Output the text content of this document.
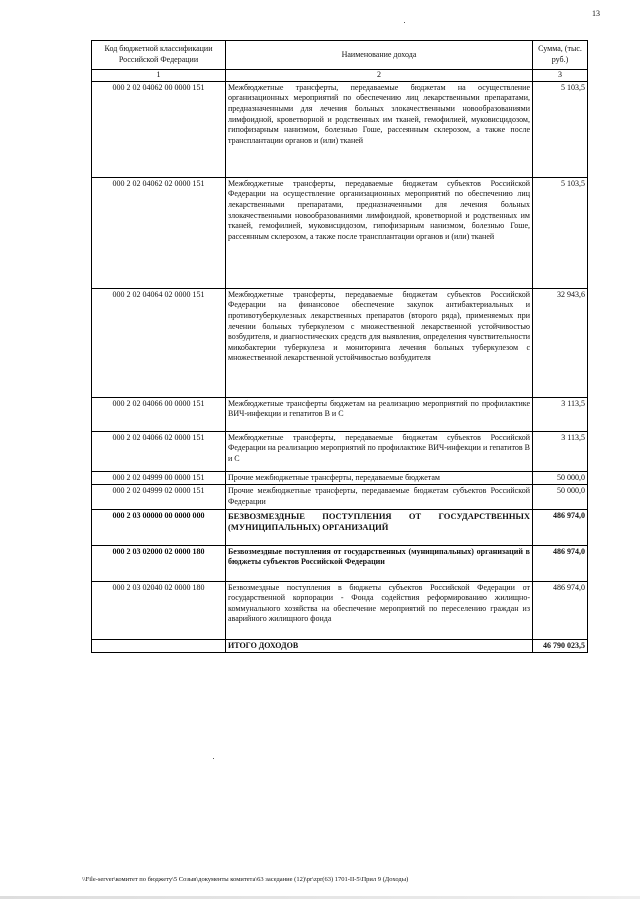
13
Код бюджетной классификации Российской Федерации	Наименование дохода	Сумма, (тыс. руб.)
1	2	3
000 2 02 04062 00 0000 151	Межбюджетные трансферты, передаваемые бюджетам на осуществление организационных мероприятий по обеспечению лиц лекарственными препаратами, предназначенными для лечения больных злокачественными новообразованиями лимфоидной, кроветворной и родственных им тканей, гемофилией, муковисцидозом, гипофизарным нанизмом, болезнью Гоше, рассеянным склерозом, а также после трансплантации органов и (или) тканей	5 103,5
000 2 02 04062 02 0000 151	Межбюджетные трансферты, передаваемые бюджетам субъектов Российской Федерации на осуществление организационных мероприятий по обеспечению лиц лекарственными препаратами, предназначенными для лечения больных злокачественными новообразованиями лимфоидной, кроветворной и родственных им тканей, гемофилией, муковисцидозом, гипофизарным нанизмом, болезнью Гоше, рассеянным склерозом, а также после трансплантации органов и (или) тканей	5 103,5
000 2 02 04064 02 0000 151	Межбюджетные трансферты, передаваемые бюджетам субъектов Российской Федерации на финансовое обеспечение закупок антибактериальных и противотуберкулезных лекарственных препаратов (второго ряда), применяемых при лечении больных туберкулезом с множественной лекарственной устойчивостью возбудителя, и диагностических средств для выявления, определения чувствительности микобактерии туберкулеза и мониторинга лечения больных туберкулезом с множественной лекарственной устойчивостью возбудителя	32 943,6
000 2 02 04066 00 0000 151	Межбюджетные трансферты бюджетам на реализацию мероприятий по профилактике ВИЧ-инфекции и гепатитов В и С	3 113,5
000 2 02 04066 02 0000 151	Межбюджетные трансферты, передаваемые бюджетам субъектов Российской Федерации на реализацию мероприятий по профилактике ВИЧ-инфекции и гепатитов В и С	3 113,5
000 2 02 04999 00 0000 151	Прочие межбюджетные трансферты, передаваемые бюджетам	50 000,0
000 2 02 04999 02 0000 151	Прочие межбюджетные трансферты, передаваемые бюджетам субъектов Российской Федерации	50 000,0
000 2 03 00000 00 0000 000	БЕЗВОЗМЕЗДНЫЕ ПОСТУПЛЕНИЯ ОТ ГОСУДАРСТВЕННЫХ (МУНИЦИПАЛЬНЫХ) ОРГАНИЗАЦИЙ	486 974,0
000 2 03 02000 02 0000 180	Безвозмездные поступления от государственных (муниципальных) организаций в бюджеты субъектов Российской Федерации	486 974,0
000 2 03 02040 02 0000 180	Безвозмездные поступления в бюджеты субъектов Российской Федерации от государственной корпорации - Фонда содействия реформированию жилищно-коммунального хозяйства на обеспечение мероприятий по переселению граждан из аварийного жилищного фонда	486 974,0
	ИТОГО ДОХОДОВ	46 790 023,5
\\File-server\комитет по бюджету\5 Созыв\документы комитета\63 заседание (12)\pr\zpr(63) 1701-II-5\Прил 9 (Доходы)
